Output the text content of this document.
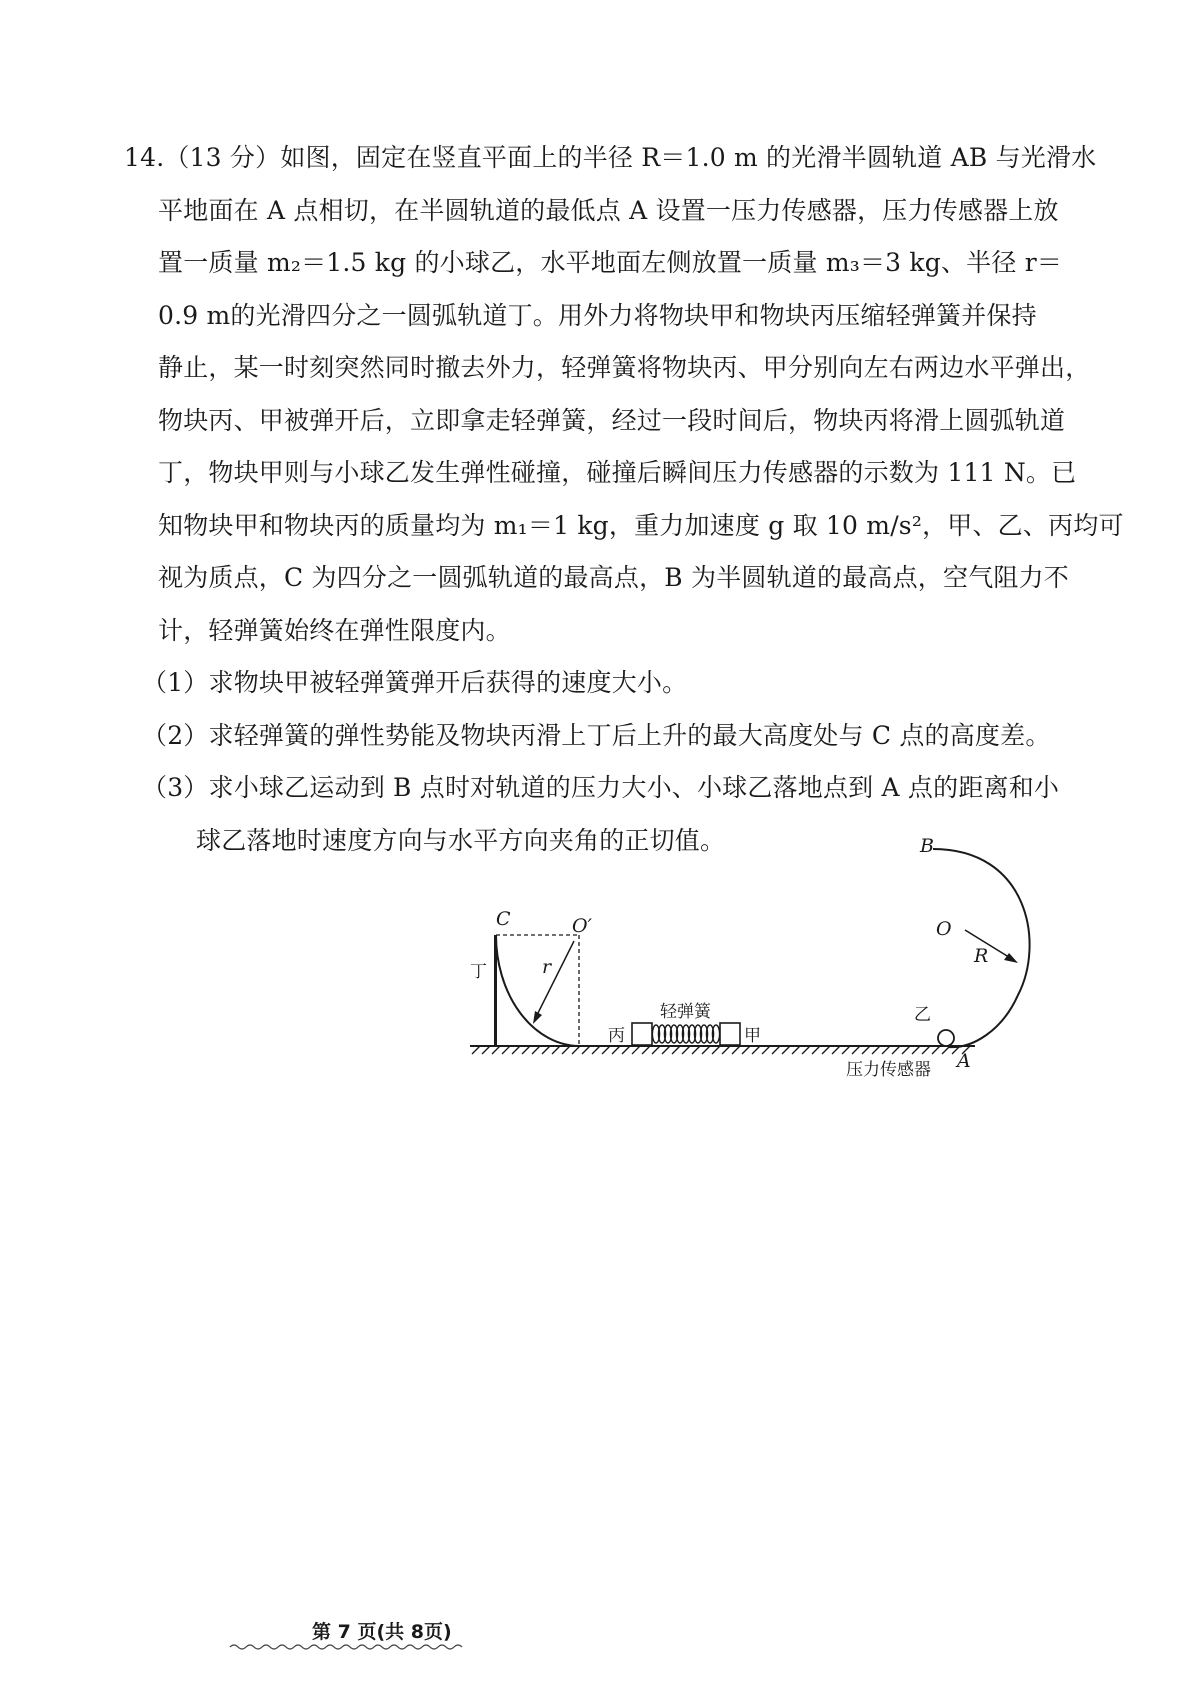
14.（13 分）如图，固定在竖直平面上的半径 R＝1.0 m 的光滑半圆轨道 AB 与光滑水
平地面在 A 点相切，在半圆轨道的最低点 A 设置一压力传感器，压力传感器上放
置一质量 m₂＝1.5 kg 的小球乙，水平地面左侧放置一质量 m₃＝3 kg、半径 r＝
0.9 m的光滑四分之一圆弧轨道丁。用外力将物块甲和物块丙压缩轻弹簧并保持
静止，某一时刻突然同时撤去外力，轻弹簧将物块丙、甲分别向左右两边水平弹出，
物块丙、甲被弹开后，立即拿走轻弹簧，经过一段时间后，物块丙将滑上圆弧轨道
丁，物块甲则与小球乙发生弹性碰撞，碰撞后瞬间压力传感器的示数为 111 N。已
知物块甲和物块丙的质量均为 m₁＝1 kg，重力加速度 g 取 10 m/s²，甲、乙、丙均可
视为质点，C 为四分之一圆弧轨道的最高点，B 为半圆轨道的最高点，空气阻力不
计，轻弹簧始终在弹性限度内。
（1）求物块甲被轻弹簧弹开后获得的速度大小。
（2）求轻弹簧的弹性势能及物块丙滑上丁后上升的最大高度处与 C 点的高度差。
（3）求小球乙运动到 B 点时对轨道的压力大小、小球乙落地点到 A 点的距离和小
球乙落地时速度方向与水平方向夹角的正切值。
C	O′
r
丁
丙	甲
轻弹簧
B
O
R
A
乙
压力传感器
第 7 页(共 8页)
